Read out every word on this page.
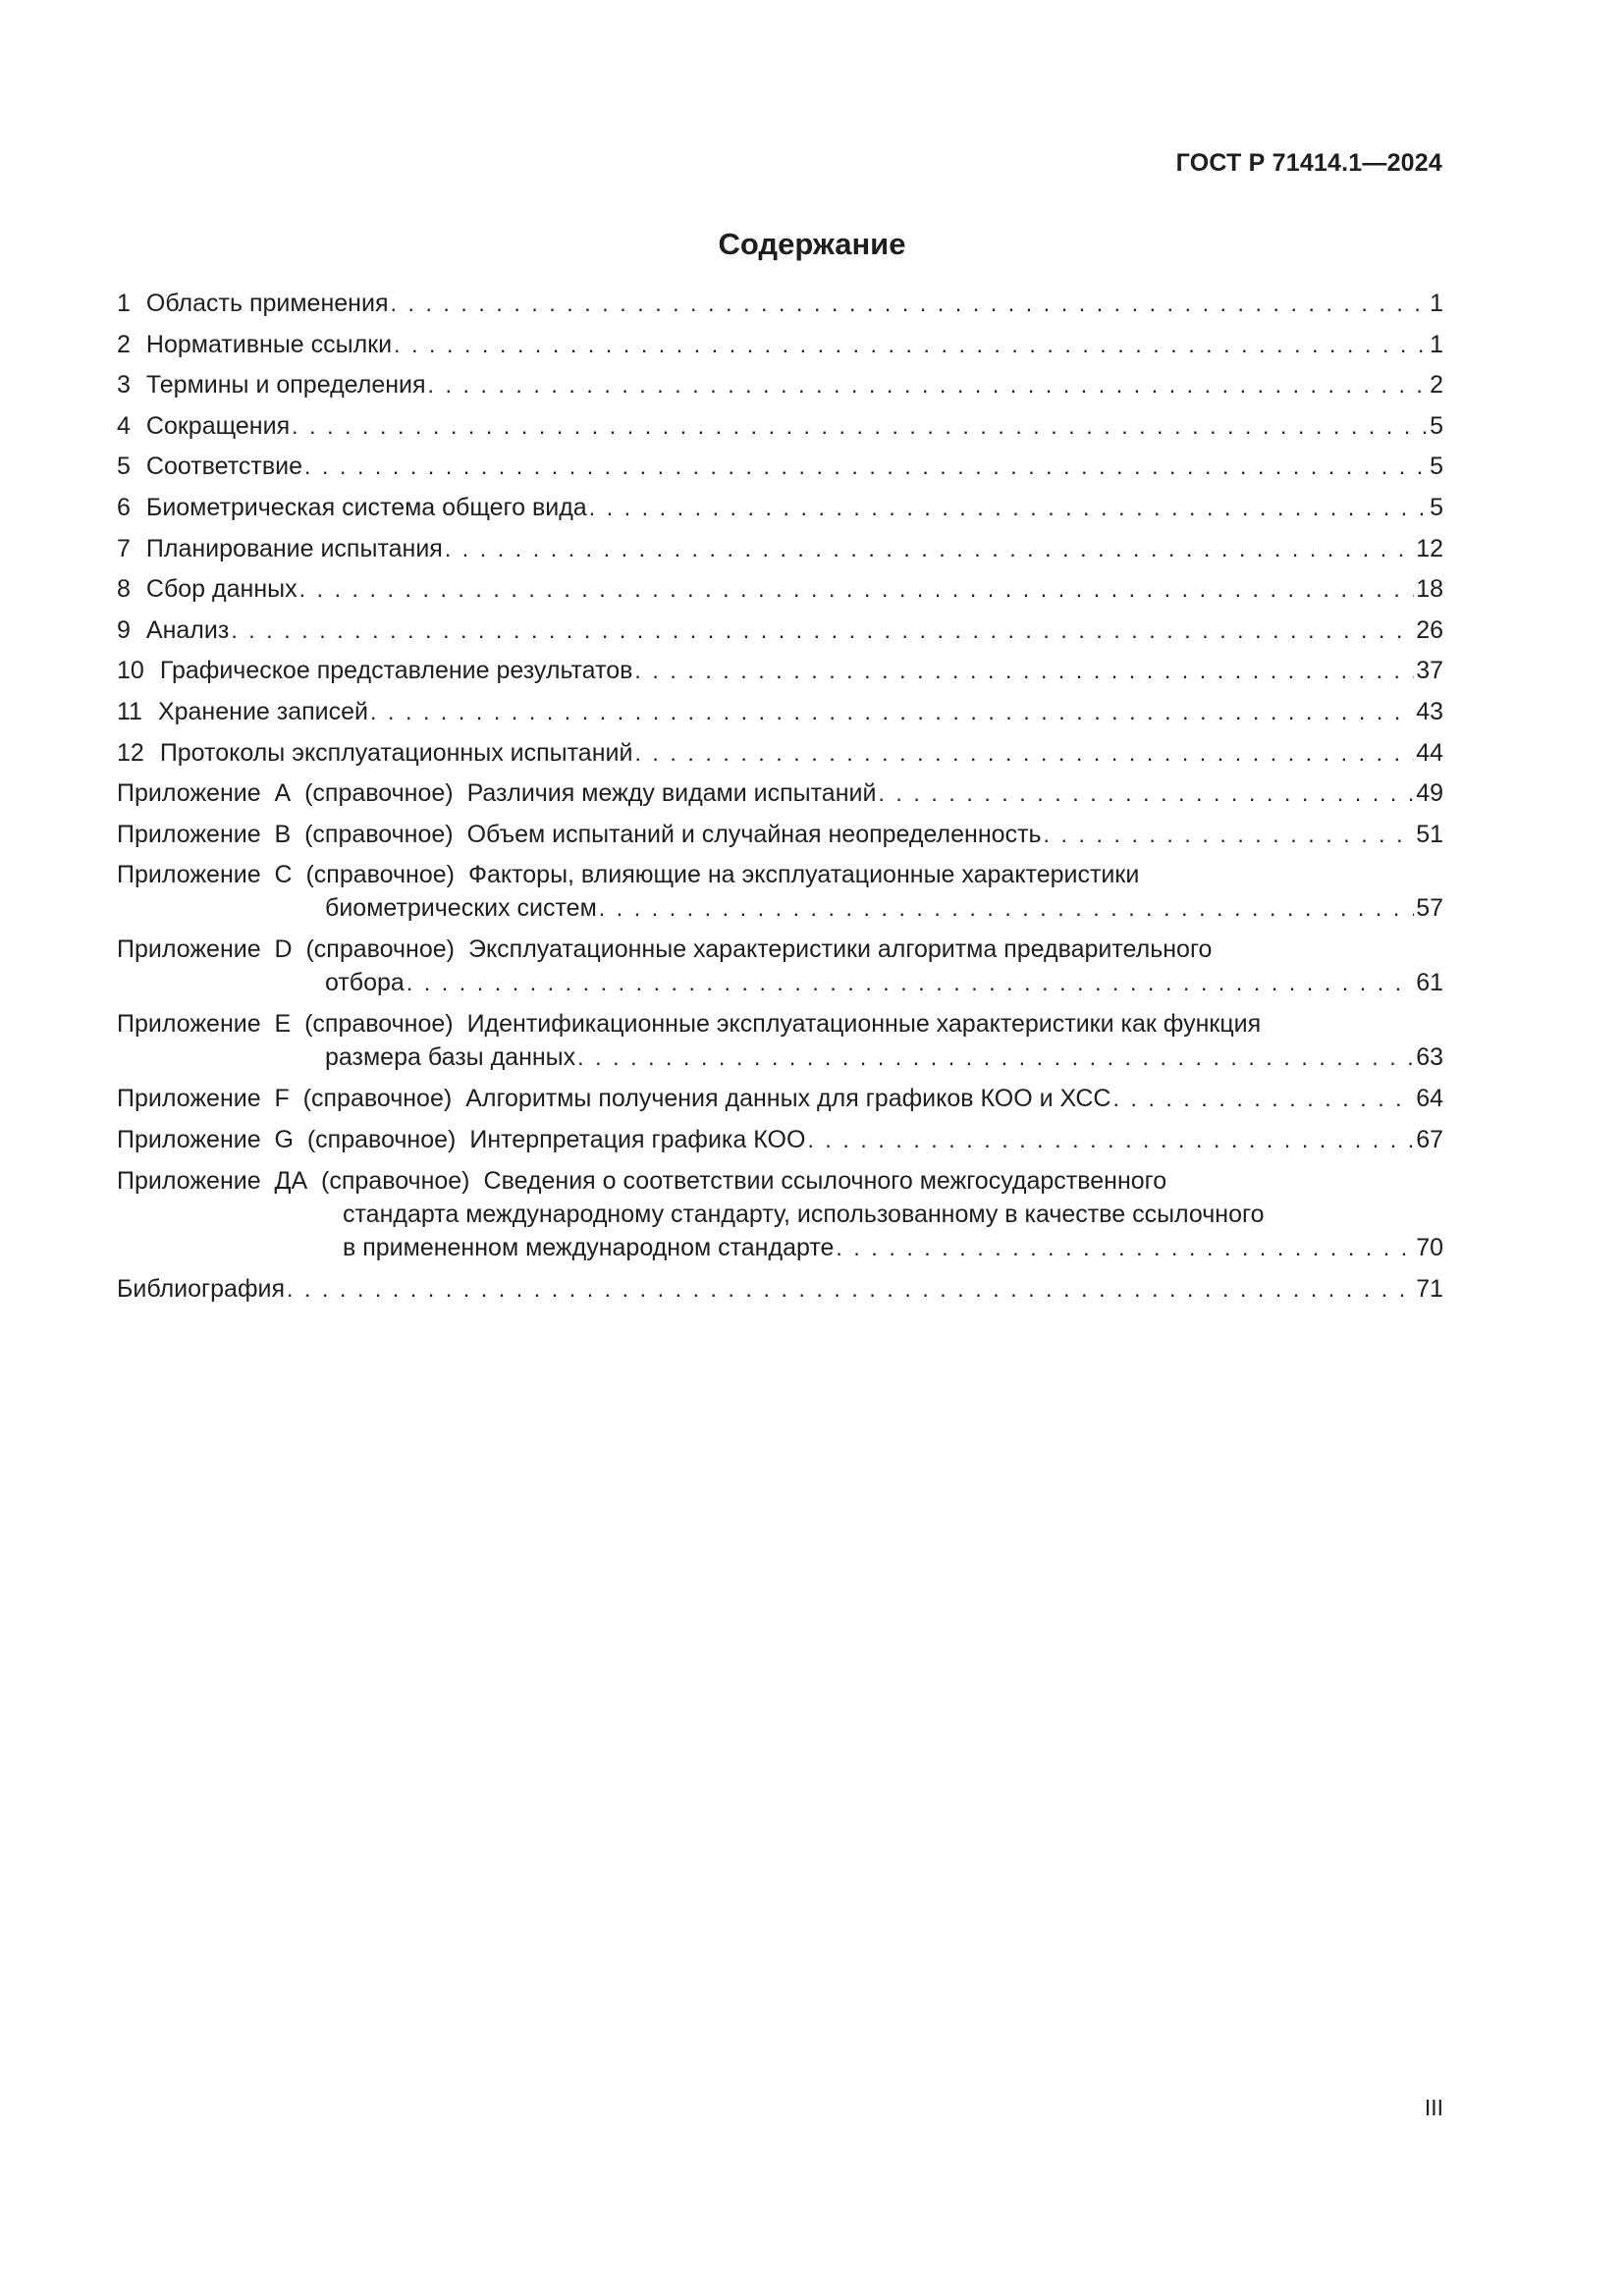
ГОСТ Р 71414.1—2024
Содержание
1 Область применения . . .	1
2 Нормативные ссылки . . .	1
3 Термины и определения . . .	2
4 Сокращения . . .	5
5 Соответствие . . .	5
6 Биометрическая система общего вида . . .	5
7 Планирование испытания . . .	12
8 Сбор данных . . .	18
9 Анализ . . .	26
10 Графическое представление результатов . . .	37
11 Хранение записей . . .	43
12 Протоколы эксплуатационных испытаний . . .	44
Приложение  А  (справочное) Различия между видами испытаний . . .	49
Приложение  В  (справочное) Объем испытаний и случайная неопределенность . . .	51
Приложение  С  (справочное) Факторы, влияющие на эксплуатационные характеристики
биометрических систем . . .	57
Приложение  D  (справочное) Эксплуатационные характеристики алгоритма предварительного
отбора . . .	61
Приложение  Е  (справочное) Идентификационные эксплуатационные характеристики как функция
размера базы данных . . .	63
Приложение  F  (справочное) Алгоритмы получения данных для графиков КОО и ХСС . . .	64
Приложение  G  (справочное) Интерпретация графика КОО . . .	67
Приложение  ДА  (справочное) Сведения о соответствии ссылочного межгосударственного
стандарта международному стандарту, использованному в качестве ссылочного
в примененном международном стандарте . . .	70
Библиография . . .	71
III
